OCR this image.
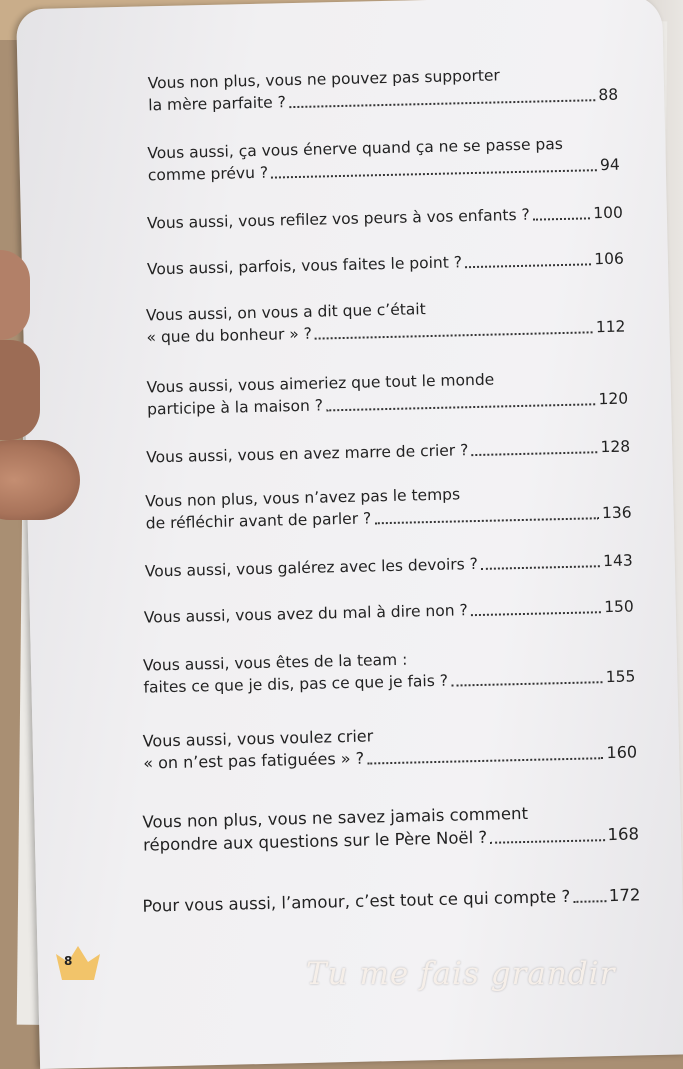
Vous non plus, vous ne pouvez pas supporter
la mère parfaite ?	88
Vous aussi, ça vous énerve quand ça ne se passe pas
comme prévu ?	94
Vous aussi, vous refilez vos peurs à vos enfants ?	100
Vous aussi, parfois, vous faites le point ?	106
Vous aussi, on vous a dit que c’était
« que du bonheur » ?	112
Vous aussi, vous aimeriez que tout le monde
participe à la maison ?	120
Vous aussi, vous en avez marre de crier ?	128
Vous non plus, vous n’avez pas le temps
de réfléchir avant de parler ?	136
Vous aussi, vous galérez avec les devoirs ?	143
Vous aussi, vous avez du mal à dire non ?	150
Vous aussi, vous êtes de la team :
faites ce que je dis, pas ce que je fais ?	155
Vous aussi, vous voulez crier
« on n’est pas fatiguées » ?	160
Vous non plus, vous ne savez jamais comment
répondre aux questions sur le Père Noël ?	168
Pour vous aussi, l’amour, c’est tout ce qui compte ? 172
8	Tu me fais grandir
